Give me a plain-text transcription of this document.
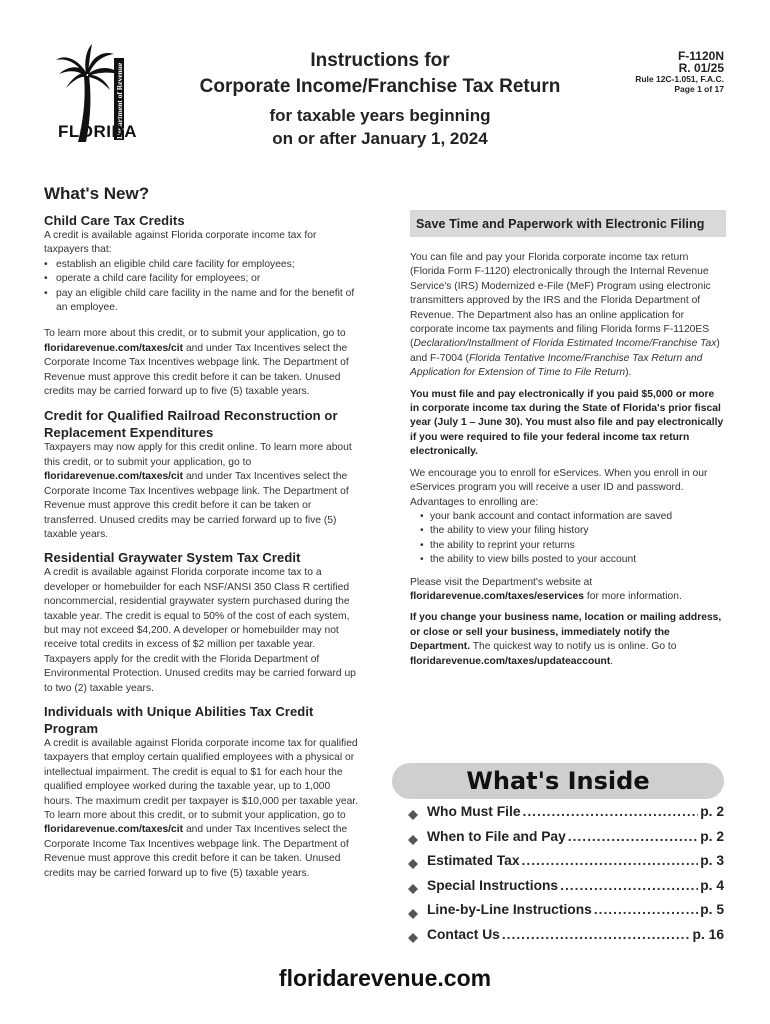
Department of Revenue
FLORIDA
Instructions for
Corporate Income/Franchise Tax Return
for taxable years beginning
on or after January 1, 2024
F-1120N
R. 01/25
Rule 12C-1.051, F.A.C.
Page 1 of 17
What's New?
Child Care Tax Credits

A credit is available against Florida corporate income tax for taxpayers that:

• establish an eligible child care facility for employees;
• operate a child care facility for employees; or
• pay an eligible child care facility in the name and for the benefit of an employee.

To learn more about this credit, or to submit your application, go to floridarevenue.com/taxes/cit and under Tax Incentives select the Corporate Income Tax Incentives webpage link. The Department of Revenue must approve this credit before it can be taken. Unused credits may be carried forward up to five (5) taxable years.

Credit for Qualified Railroad Reconstruction or Replacement Expenditures

Taxpayers may now apply for this credit online. To learn more about this credit, or to submit your application, go to floridarevenue.com/taxes/cit and under Tax Incentives select the Corporate Income Tax Incentives webpage link. The Department of Revenue must approve this credit before it can be taken or transferred. Unused credits may be carried forward up to five (5) taxable years.

Residential Graywater System Tax Credit

A credit is available against Florida corporate income tax to a developer or homebuilder for each NSF/ANSI 350 Class R certified noncommercial, residential graywater system purchased during the taxable year. The credit is equal to 50% of the cost of each system, but may not exceed $4,200. A developer or homebuilder may not receive total credits in excess of $2 million per taxable year. Taxpayers apply for the credit with the Florida Department of Environmental Protection. Unused credits may be carried forward up to two (2) taxable years.

Individuals with Unique Abilities Tax Credit Program

A credit is available against Florida corporate income tax for qualified taxpayers that employ certain qualified employees with a physical or intellectual impairment. The credit is equal to $1 for each hour the qualified employee worked during the taxable year, up to 1,000 hours. The maximum credit per taxpayer is $10,000 per taxable year. To learn more about this credit, or to submit your application, go to floridarevenue.com/taxes/cit and under Tax Incentives select the Corporate Income Tax Incentives webpage link. The Department of Revenue must approve this credit before it can be taken. Unused credits may be carried forward up to five (5) taxable years.

Save Time and Paperwork with Electronic Filing

You can file and pay your Florida corporate income tax return (Florida Form F-1120) electronically through the Internal Revenue Service's (IRS) Modernized e-File (MeF) Program using electronic transmitters approved by the IRS and the Florida Department of Revenue. The Department also has an online application for corporate income tax payments and filing Florida forms F-1120ES (Declaration/Installment of Florida Estimated Income/Franchise Tax) and F-7004 (Florida Tentative Income/Franchise Tax Return and Application for Extension of Time to File Return).

You must file and pay electronically if you paid $5,000 or more in corporate income tax during the State of Florida's prior fiscal year (July 1 – June 30). You must also file and pay electronically if you were required to file your federal income tax return electronically.

We encourage you to enroll for eServices. When you enroll in our eServices program you will receive a user ID and password. Advantages to enrolling are:

• your bank account and contact information are saved
• the ability to view your filing history
• the ability to reprint your returns
• the ability to view bills posted to your account

Please visit the Department's website at floridarevenue.com/taxes/eservices for more information.

If you change your business name, location or mailing address, or close or sell your business, immediately notify the Department. The quickest way to notify us is online. Go to floridarevenue.com/taxes/updateaccount.

What's Inside
Who Must File .....	p. 2
When to File and Pay .....	p. 2
Estimated Tax .....	p. 3
Special Instructions .....	p. 4
Line-by-Line Instructions .....	p. 5
Contact Us .....	p. 16
floridarevenue.com
